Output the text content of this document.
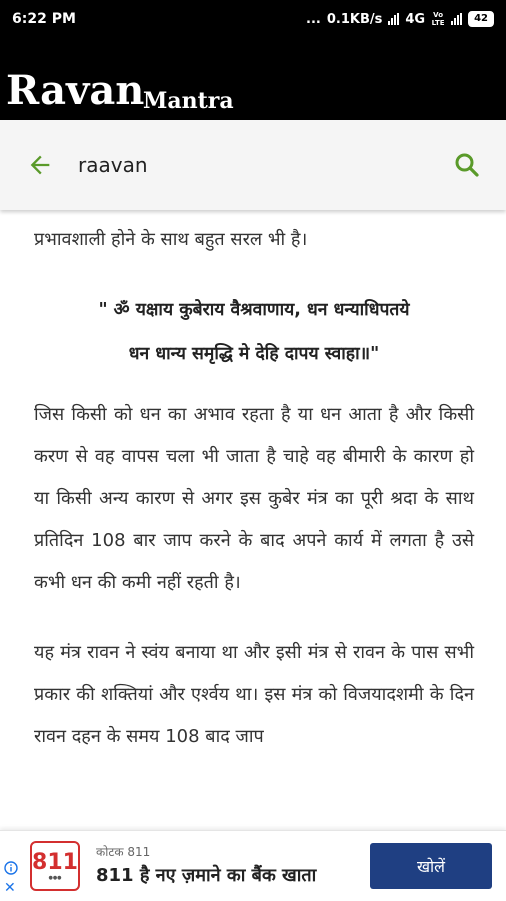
6:22 PM	... 0.1KB/s 4G Vo LTE	42
Ravan
Mantra
raavan

प्रभावशाली होने के साथ बहुत सरल भी है।

" ॐ यक्षाय कुबेराय वैश्रवाणाय, धन धन्याधिपतये
धन धान्य समृद्धि मे देहि दापय स्वाहा॥"

जिस किसी को धन का अभाव रहता है या धन आता है और किसी करण से वह वापस चला भी जाता है चाहे वह बीमारी के कारण हो या किसी अन्य कारण से अगर इस कुबेर मंत्र का पूरी श्रदा के साथ प्रतिदिन 108 बार जाप करने के बाद अपने कार्य में लगता है उसे कभी धन की कमी नहीं रहती है।

यह मंत्र रावन ने स्वंय बनाया था और इसी मंत्र से रावन के पास सभी प्रकार की शक्तियां और एर्श्वय था। इस मंत्र को विजयादशमी के दिन रावन दहन के समय 108 बाद जाप

✕
811
●●●
कोटक 811
811 है नए ज़माने का बैंक खाता	खोलें
